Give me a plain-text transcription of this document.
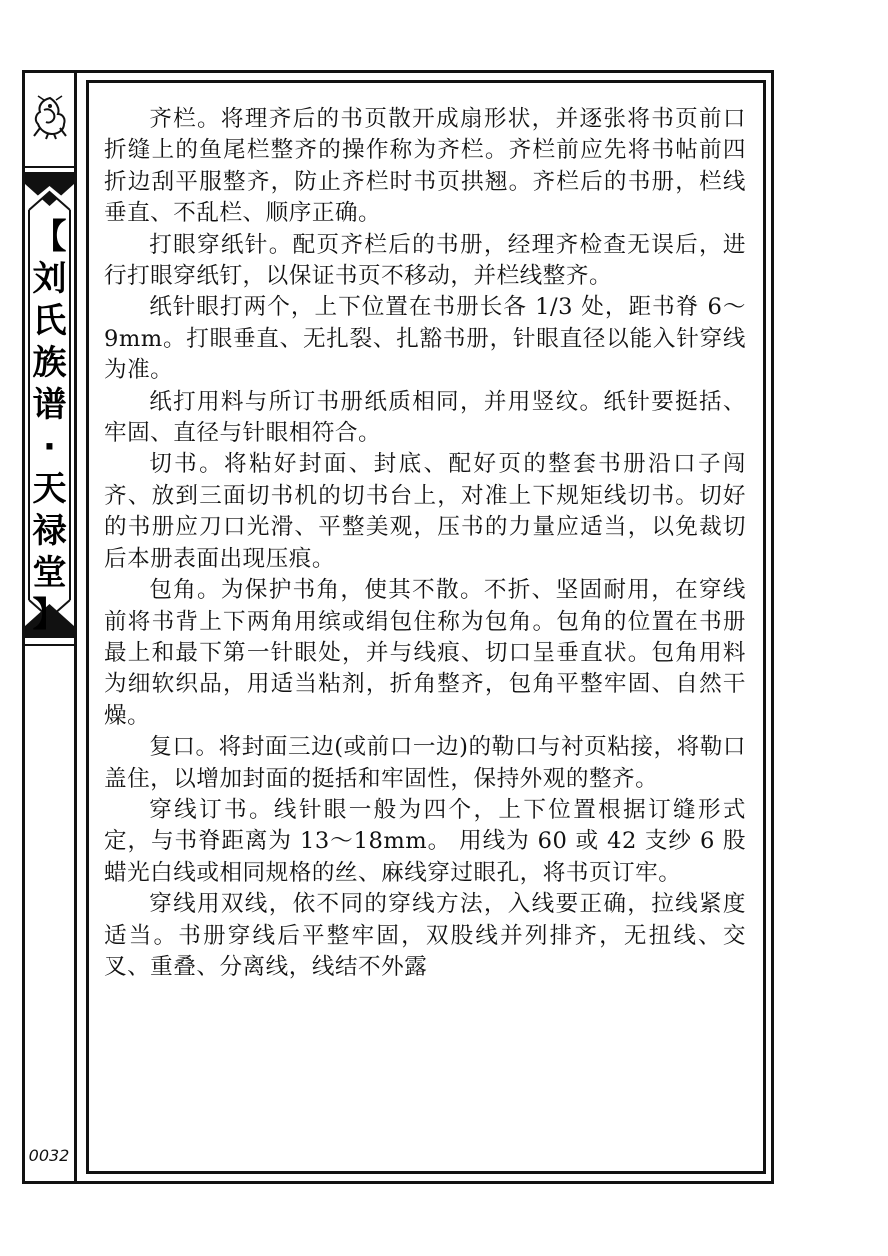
【
刘
氏
族
谱
·
天
禄
堂
】
0032

齐栏。将理齐后的书页散开成扇形状，并逐张将书页前口折缝上的鱼尾栏整齐的操作称为齐栏。齐栏前应先将书帖前四折边刮平服整齐，防止齐栏时书页拱翘。齐栏后的书册，栏线垂直、不乱栏、顺序正确。

打眼穿纸针。配页齐栏后的书册，经理齐检查无误后，进行打眼穿纸钉，以保证书页不移动，并栏线整齐。

纸针眼打两个，上下位置在书册长各 1/3 处，距书脊 6～9mm。打眼垂直、无扎裂、扎豁书册，针眼直径以能入针穿线为准。

纸打用料与所订书册纸质相同，并用竖纹。纸针要挺括、牢固、直径与针眼相符合。

切书。将粘好封面、封底、配好页的整套书册沿口子闯齐、放到三面切书机的切书台上，对准上下规矩线切书。切好的书册应刀口光滑、平整美观，压书的力量应适当，以免裁切后本册表面出现压痕。

包角。为保护书角，使其不散。不折、坚固耐用，在穿线前将书背上下两角用缤或绢包住称为包角。包角的位置在书册最上和最下第一针眼处，并与线痕、切口呈垂直状。包角用料为细软织品，用适当粘剂，折角整齐，包角平整牢固、自然干燥。

复口。将封面三边(或前口一边)的勒口与衬页粘接，将勒口盖住，以增加封面的挺括和牢固性，保持外观的整齐。

穿线订书。线针眼一般为四个，上下位置根据订缝形式定，与书脊距离为 13～18mm。 用线为 60 或 42 支纱 6 股蜡光白线或相同规格的丝、麻线穿过眼孔，将书页订牢。

穿线用双线，依不同的穿线方法，入线要正确，拉线紧度适当。书册穿线后平整牢固，双股线并列排齐，无扭线、交叉、重叠、分离线，线结不外露
